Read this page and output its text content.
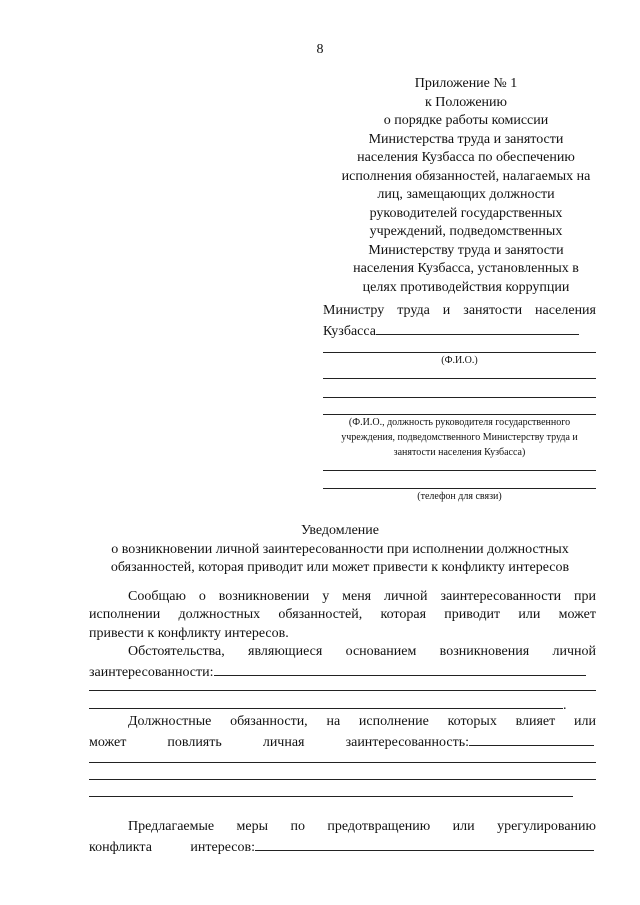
8
Приложение № 1
к Положению
о порядке работы комиссии
Министерства труда и занятости
населения Кузбасса по обеспечению
исполнения обязанностей, налагаемых на
лиц, замещающих должности
руководителей государственных
учреждений, подведомственных
Министерству труда и занятости
населения Кузбасса, установленных в
целях противодействия коррупции
Министру труда и занятости населения
Кузбасса
(Ф.И.О.)
(Ф.И.О., должность руководителя государственного
учреждения, подведомственного Министерству труда и
занятости населения Кузбасса)
(телефон для связи)
Уведомление
о возникновении личной заинтересованности при исполнении должностных
обязанностей, которая приводит или может привести к конфликту интересов
Сообщаю о возникновении у меня личной заинтересованности при
исполнении должностных обязанностей, которая приводит или может
привести к конфликту интересов.
Обстоятельства, являющиеся основанием возникновения личной
заинтересованности:
.
Должностные обязанности, на исполнение которых влияет или
может повлиять личная заинтересованность:
Предлагаемые меры по предотвращению или урегулированию
конфликта интересов:
